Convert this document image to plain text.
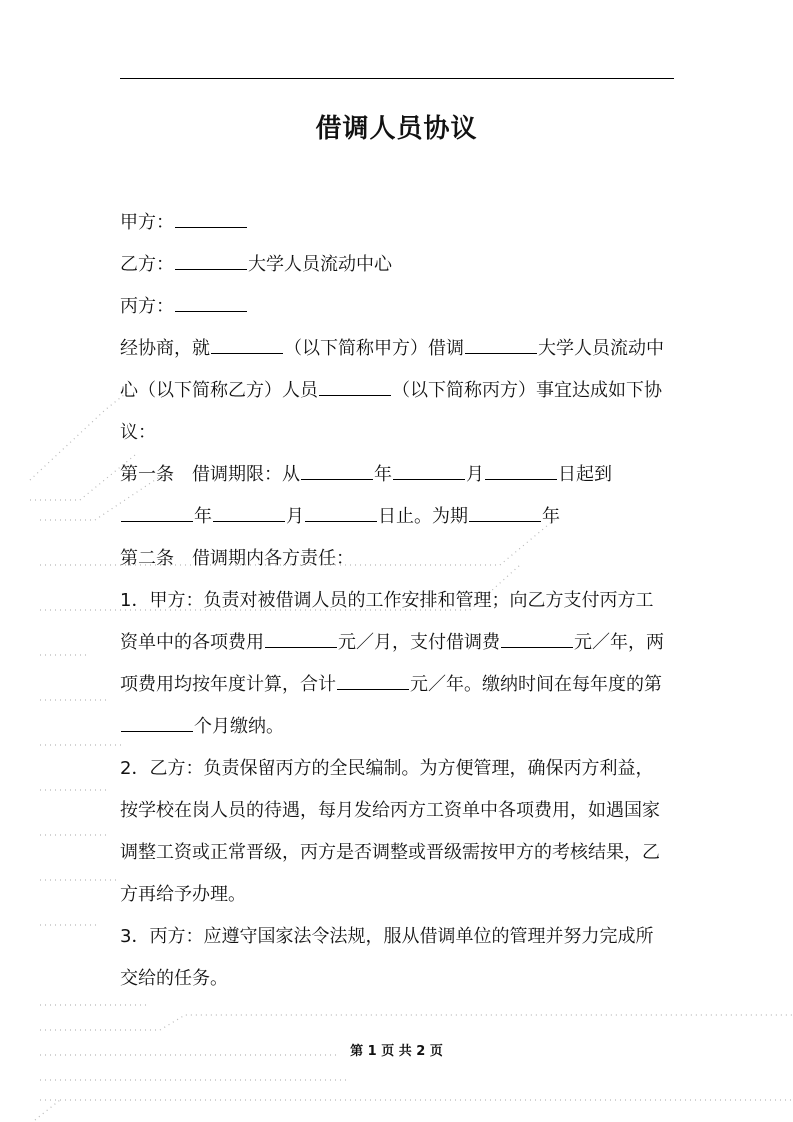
借调人员协议
甲方：
乙方：	大学人员流动中心
丙方：
经协商，就	（以下简称甲方）借调	大学人员流动中
心（以下简称乙方）人员	（以下简称丙方）事宜达成如下协
议：
第一条　借调期限：从	年	月	日起到
年	月	日止。为期	年
第二条　借调期内各方责任：
1．甲方：负责对被借调人员的工作安排和管理；向乙方支付丙方工
资单中的各项费用	元／月，支付借调费	元／年，两
项费用均按年度计算，合计	元／年。缴纳时间在每年度的第
个月缴纳。
2．乙方：负责保留丙方的全民编制。为方便管理，确保丙方利益，
按学校在岗人员的待遇，每月发给丙方工资单中各项费用，如遇国家
调整工资或正常晋级，丙方是否调整或晋级需按甲方的考核结果，乙
方再给予办理。
3．丙方：应遵守国家法令法规，服从借调单位的管理并努力完成所
交给的任务。
第 1 页 共 2 页
